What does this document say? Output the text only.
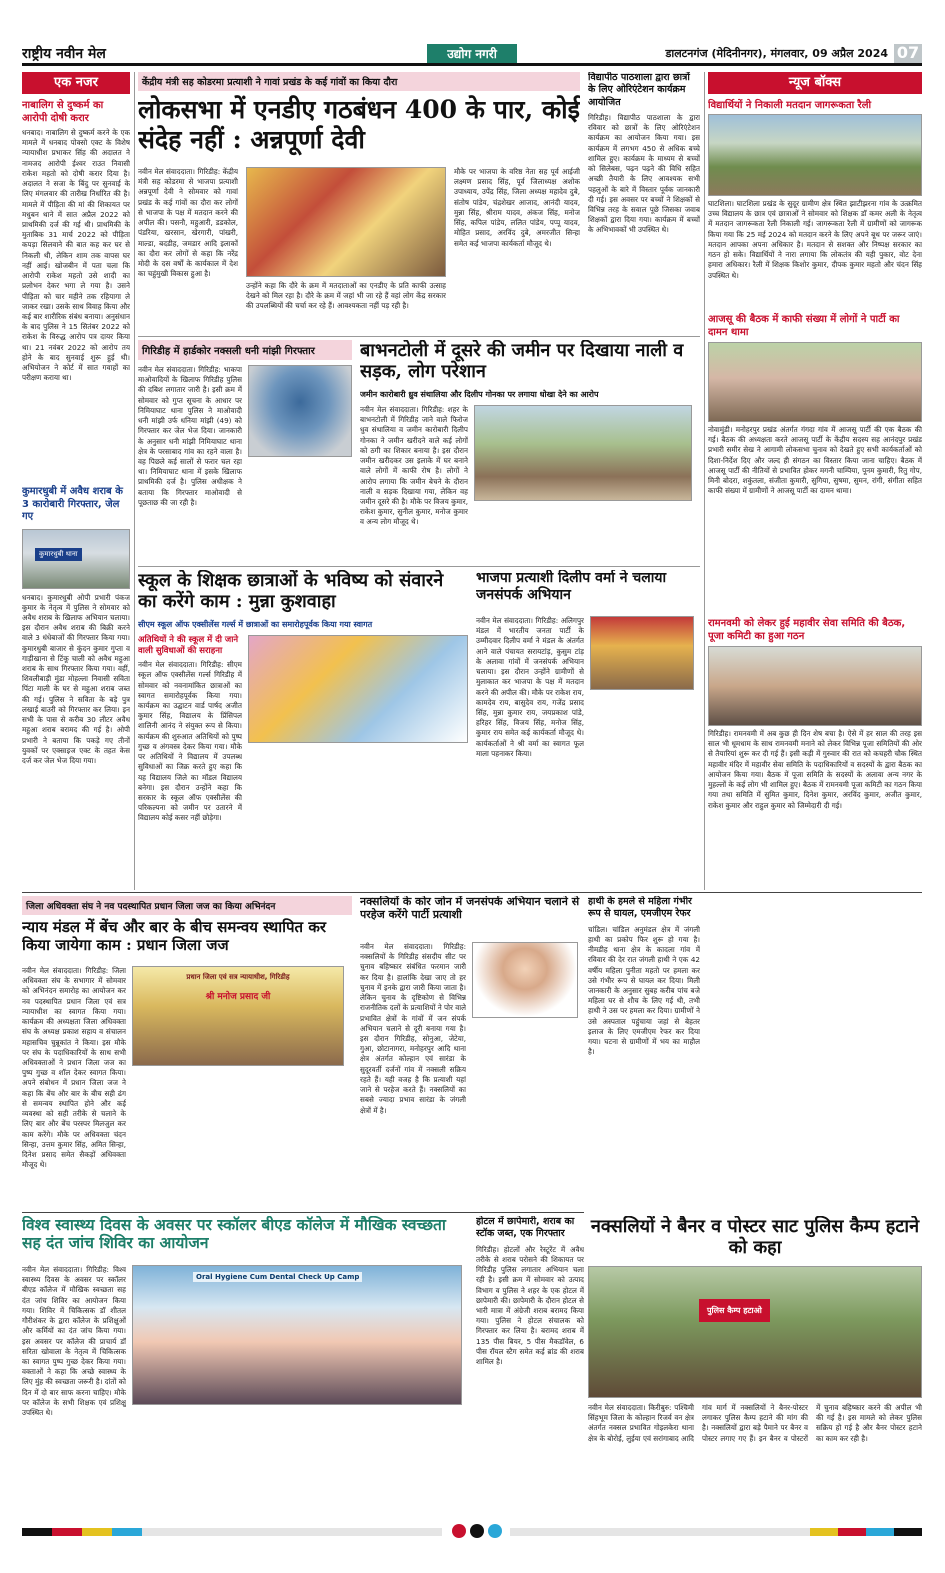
राष्ट्रीय नवीन मेल	उद्योग नगरी	डालटनगंज (मेदिनीनगर), मंगलवार, 09 अप्रैल 2024 07
एक नजर
नाबालिग से दुष्कर्म का आरोपी दोषी करार
धनबाद। नाबालिग से दुष्कर्म करने के एक मामले में धनबाद पोक्सो एक्ट के विशेष न्यायाधीश प्रभाकर सिंह की अदालत ने नामजद आरोपी ईश्वर राउत निवासी राकेश महतो को दोषी करार दिया है। अदालत ने सजा के बिंदु पर सुनवाई के लिए मंगलवार की तारीख निर्धारित की है। मामले में पीड़िता की मां की शिकायत पर मधुबन थाने में सात अप्रैल 2022 को प्राथमिकी दर्ज की गई थी। प्राथमिकी के मुताबिक 31 मार्च 2022 को पीड़िता कपड़ा सिलवाने की बात कह कर घर से निकली थी, लेकिन शाम तक वापस घर नहीं आई। खोजबीन में पता चला कि आरोपी राकेश महतो उसे शादी का प्रलोभन देकर भगा ले गया है। उसने पीड़िता को चार महीने तक रहियागा ले जाकर रखा। उसके साथ विवाह किया और कई बार शारीरिक संबंध बनाया। अनुसंधान के बाद पुलिस ने 15 सितंबर 2022 को राकेश के विरुद्ध आरोप पत्र दायर किया था। 21 नवंबर 2022 को आरोप तय होने के बाद सुनवाई शुरू हुई थी। अभियोजन ने कोर्ट में सात गवाहों का परीक्षण कराया था।
कुमारधुबी में अवैध शराब के 3 कारोबारी गिरफ्तार, जेल गए
कुमारधुबी थाना
धनबाद। कुमारधुबी ओपी प्रभारी पंकज कुमार के नेतृत्व में पुलिस ने सोमवार को अवैध शराब के खिलाफ अभियान चलाया। इस दौरान अवैध शराब की बिक्री करने वाले 3 धंधेबाजों की गिरफ्तार किया गया। कुमारधुबी बाजार से कुंदन कुमार गुप्ता व गाड़ीखाना से टिंकू चाली को अवैध महुआ शराब के साथ गिरफ्तार किया गया। वहीं, शिवलीबाड़ी मुंडा मोहल्ला निवासी सविता पिंटा माली के घर से महुआ शराब जब्त की गई। पुलिस ने सविता के बड़े पुत्र लखाई बाउरी को गिरफ्तार कर लिया। इन सभी के पास से करीब 30 लीटर अवैध महुआ शराब बरामद की गई है। ओपी प्रभारी ने बताया कि पकड़े गए तीनों युवकों पर एक्साइज एक्ट के तहत केस दर्ज कर जेल भेज दिया गया।
केंद्रीय मंत्री सह कोडरमा प्रत्याशी ने गावां प्रखंड के कई गांवों का किया दौरा
लोकसभा में एनडीए गठबंधन 400 के पार, कोई संदेह नहीं : अन्नपूर्णा देवी
नवीन मेल संवाददाता। गिरिडीह: केंद्रीय मंत्री सह कोडरमा से भाजपा प्रत्याशी अन्नपूर्णा देवी ने सोमवार को गावां प्रखंड के कई गांवों का दौरा कर लोगों से भाजपा के पक्ष में मतदान करने की अपील की। पसनौ, महुआरी, डडकोल, पंडरिया, खरसान, खेरगारी, पांखरी, माल्डा, बदडीह, जमडार आदि इलाकों का दौरा कर लोगों से कहा कि नरेंद्र मोदी के दस वर्षों के कार्यकाल में देश का चहुंमुखी विकास हुआ है।
उन्होंने कहा कि दौरे के क्रम में मतदाताओं का एनडीए के प्रति काफी उत्साह देखने को मिल रहा है। दौरे के क्रम में जहां भी जा रहे हैं वहां लोग केंद्र सरकार की उपलब्धियों की चर्चा कर रहे हैं। आवश्यकता नहीं पड़ रही है।
मौके पर भाजपा के वरिष्ठ नेता सह पूर्व आईजी लक्ष्मण प्रसाद सिंह, पूर्व जिलाध्यक्ष अशोक उपाध्याय, उपेंद्र सिंह, जिला अध्यक्ष महादेव दुबे, संतोष पांडेय, चंद्रशेखर आजाद, आनंदी यादव, मुन्ना सिंह, श्रीराम यादव, अंकज सिंह, मनोज सिंह, कपिल पांडेय, ललित पांडेय, पप्पू यादव, मोहित प्रसाद, अरविंद दुबे, अमरजीत सिन्हा समेत कई भाजपा कार्यकर्ता मौजूद थे।
विद्यापीठ पाठशाला द्वारा छात्रों के लिए ओरिएंटेशन कार्यक्रम आयोजित
गिरिडीह। विद्यापीठ पाठशाला के द्वारा रविवार को छात्रों के लिए ओरिएंटेशन कार्यक्रम का आयोजन किया गया। इस कार्यक्रम में लगभग 450 से अधिक बच्चे शामिल हुए। कार्यक्रम के माध्यम से बच्चों को सिलेबस, पढ़न पढ़ने की विधि सहित अच्छी तैयारी के लिए आवश्यक सभी पहलुओं के बारे में विस्तार पूर्वक जानकारी दी गई। इस अवसर पर बच्चों ने शिक्षकों से विभिन्न तरह के सवाल पूछे जिसका जवाब शिक्षकों द्वारा दिया गया। कार्यक्रम में बच्चों के अभिभावकों भी उपस्थित थे।
न्यूज बॉक्स
विद्यार्थियों ने निकाली मतदान जागरूकता रैली
घाटशिला। घाटशिला प्रखंड के सुदूर ग्रामीण क्षेत्र स्थित झाटीझरना गांव के उत्क्रमित उच्च विद्यालय के छात्र एवं छात्राओं ने सोमवार को शिक्षक डॉ कमर अली के नेतृत्व में मतदान जागरूकता रैली निकाली गई। जागरूकता रैली में ग्रामीणों को जागरूक किया गया कि 25 मई 2024 को मतदान करने के लिए अपने बूथ पर जरूर जाएं। मतदान आपका अपना अधिकार है। मतदान से सशक्त और निष्पक्ष सरकार का गठन हो सके। विद्यार्थियों ने नारा लगाया कि लोकतंत्र की यही पुकार, वोट देना हमारा अधिकार। रैली में शिक्षक किशोर कुमार, दीपक कुमार महतो और चंदन सिंह उपस्थित थे।
आजसू की बैठक में काफी संख्या में लोगों ने पार्टी का दामन थामा
नोवामुंडी। मनोहरपुर प्रखंड अंतर्गत गंगदा गांव में आजसू पार्टी की एक बैठक की गई। बैठक की अध्यक्षता करते आजसू पार्टी के केंद्रीय सदस्य सह आनंदपुर प्रखंड प्रभारी समीर सेख ने आगामी लोकसभा चुनाव को देखते हुए सभी कार्यकर्ताओं को दिशा-निर्देश दिए और जल्द ही संगठन का विस्तार किया जाना चाहिए। बैठक में आजसू पार्टी की नीतियों से प्रभावित होकर मगनी चाम्पिया, पूनम कुमारी, रितु गोप, मिनी बोदरा, शकुंतला, संजीता कुमारी, सुगिया, सुषमा, सुमन, रांगी, संगीता सहित काफी संख्या में ग्रामीणों ने आजसू पार्टी का दामन थामा।
रामनवमी को लेकर हुई महावीर सेवा समिति की बैठक, पूजा कमिटी का हुआ गठन
गिरिडीह। रामनवमी में अब कुछ ही दिन शेष बचा है। ऐसे में हर साल की तरह इस साल भी धूमधाम के साथ रामनवमी मनाने को लेकर विभिन्न पूजा समितियों की ओर से तैयारियां शुरू कर दी गई हैं। इसी कड़ी में गुरुवार की रात को कचहरी चौक स्थित महावीर मंदिर में महावीर सेवा समिति के पदाधिकारियों व सदस्यों के द्वारा बैठक का आयोजन किया गया। बैठक में पूजा समिति के सदस्यों के अलावा अन्य नगर के मुहल्लों के कई लोग भी शामिल हुए। बैठक में रामनवमी पूजा कमिटी का गठन किया गया तथा समिति में सुमित कुमार, दिनेश कुमार, अरविंद कुमार, अजीत कुमार, राकेश कुमार और राहुल कुमार को जिम्मेदारी दी गई।
गिरिडीह में हार्डकोर नक्सली धनी मांझी गिरफ्तार
नवीन मेल संवाददाता। गिरिडीह: भाकपा माओवादियों के खिलाफ गिरिडीह पुलिस की दबिश लगातार जारी है। इसी क्रम में सोमवार को गुप्त सूचना के आधार पर निमियाघाट थाना पुलिस ने माओवादी धनी मांझी उर्फ धनिया मांझी (49) को गिरफ्तार कर जेल भेज दिया। जानकारी के अनुसार धनी मांझी निमियाघाट थाना क्षेत्र के परसाबाद गांव का रहने वाला है। वह पिछले कई सालों से फरार चल रहा था। निमियाघाट थाना में इसके खिलाफ प्राथमिकी दर्ज है। पुलिस अधीक्षक ने बताया कि गिरफ्तार माओवादी से पूछताछ की जा रही है।
बाभनटोली में दूसरे की जमीन पर दिखाया नाली व सड़क, लोग परेशान
जमीन कारोबारी ध्रुव संथालिया और दिलीप गोनका पर लगाया धोखा देने का आरोप
नवीन मेल संवाददाता। गिरिडीह: शहर के बाभनटोली में गिरिडीह जाने वाले फिरोज धुव संथालिया व जमीन कारोबारी दिलीप गोनका ने जमीन खरीदने वाले कई लोगों को ठगी का शिकार बनाया है। इस दौरान जमीन खरीदकर उस इलाके में घर बनाने वाले लोगों में काफी रोष है। लोगों ने आरोप लगाया कि जमीन बेचने के दौरान नाली व सड़क दिखाया गया, लेकिन वह जमीन दूसरे की है। मौके पर विजय कुमार, राकेश कुमार, सुनील कुमार, मनोज कुमार व अन्य लोग मौजूद थे।
स्कूल के शिक्षक छात्राओं के भविष्य को संवारने का करेंगे काम : मुन्ना कुशवाहा
सीएम स्कूल ऑफ एक्सीलेंस गर्ल्स में छात्राओं का समारोहपूर्वक किया गया स्वागत
अतिथियों ने की स्कूल में दी जाने वाली सुविधाओं की सराहना
नवीन मेल संवाददाता। गिरिडीह: सीएम स्कूल ऑफ एक्सीलेंस गर्ल्स गिरिडीह में सोमवार को नवनामांकित छात्राओं का स्वागत समारोहपूर्वक किया गया। कार्यक्रम का उद्घाटन वार्ड पार्षद अजीत कुमार सिंह, विद्यालय के प्रिंसिपल शालिनी आनंद ने संयुक्त रूप से किया। कार्यक्रम की शुरुआत अतिथियों को पुष्प गुच्छ व अंगवस्त्र देकर किया गया। मौके पर अतिथियों ने विद्यालय में उपलब्ध सुविधाओं का जिक्र करते हुए कहा कि यह विद्यालय जिले का मॉडल विद्यालय बनेगा। इस दौरान उन्होंने कहा कि सरकार के स्कूल ऑफ एक्सीलेंस की परिकल्पना को जमीन पर उतारने में विद्यालय कोई कसर नहीं छोड़ेगा।
भाजपा प्रत्याशी दिलीप वर्मा ने चलाया जनसंपर्क अभियान
नवीन मेल संवाददाता। गिरिडीह: अलिगपुर मंडल में भारतीय जनता पार्टी के उम्मीदवार दिलीप वर्मा ने मंडल के अंतर्गत आने वाले पंचायत सरायटांड़, कुसुम टांड़ के अलावा गांवों में जनसंपर्क अभियान चलाया। इस दौरान उन्होंने ग्रामीणों से मुलाकात कर भाजपा के पक्ष में मतदान करने की अपील की। मौके पर राकेश राय, कामदेव राय, बासुदेव राय, गजेंद्र प्रसाद सिंह, मुन्ना कुमार राय, जयप्रकाश पांडे, हरिहर सिंह, विजय सिंह, मनोज सिंह, कुमार राय समेत कई कार्यकर्ता मौजूद थे। कार्यकर्ताओं ने श्री वर्मा का स्वागत फूल माला पहनाकर किया।
जिला अधिवक्ता संघ ने नव पदस्थापित प्रधान जिला जज का किया अभिनंदन
न्याय मंडल में बेंच और बार के बीच समन्वय स्थापित कर किया जायेगा काम : प्रधान जिला जज
नवीन मेल संवाददाता। गिरिडीह: जिला अधिवक्ता संघ के सभागार में सोमवार को अभिनंदन समारोह का आयोजन कर नव पदस्थापित प्रधान जिला एवं सत्र न्यायाधीश का स्वागत किया गया। कार्यक्रम की अध्यक्षता जिला अधिवक्ता संघ के अध्यक्ष प्रकाश सहाय व संचालन महासचिव चुन्नूकांत ने किया। इस मौके पर संघ के पदाधिकारियों के साथ सभी अधिवक्ताओं ने प्रधान जिला जज का पुष्प गुच्छ व शॉल देकर स्वागत किया। अपने संबोधन में प्रधान जिला जज ने कहा कि बेंच और बार के बीच सही ढंग से समन्वय स्थापित होने और कई व्यवस्था को सही तरीके से चलाने के लिए बार और बेंच परस्पर मिलजुल कर काम करेंगे। मौके पर अधिवक्ता चंदन सिन्हा, उत्तम कुमार सिंह, अमित सिन्हा, दिनेश प्रसाद समेत सैकड़ों अधिवक्ता मौजूद थे।
प्रधान जिला एवं सत्र न्यायाधीश, गिरिडीह
श्री मनोज प्रसाद जी
नक्सलियों के कोर जोन में जनसंपर्क अभियान चलाने से परहेज करेंगे पार्टी प्रत्याशी
नवीन मेल संवाददाता। गिरिडीह: नक्सलियों के गिरिडीह संसदीय सीट पर चुनाव बहिष्कार संबंधित फरमान जारी कर दिया है। हालांकि देखा जाए तो हर चुनाव में इनके द्वारा जारी किया जाता है। लेकिन चुनाव के दृष्टिकोण से विभिन्न राजनीतिक दलों के प्रत्याशियों ने पोर वाले प्रभावित क्षेत्रों के गांवों में जन संपर्क अभियान चलाने से दूरी बनाया गया है। इस दौरान गिरिडीह, सोनुआ, जेटेया, गुआ, छोटानागरा, मनोहरपुर आदि थाना क्षेत्र अंतर्गत कोल्हान एवं सारंडा के सुदूरवर्ती दर्जनों गांव में नक्सली सक्रिय रहते हैं। यही वजह है कि प्रत्याशी यहां जाने से परहेज करते हैं। नक्सलियों का सबसे ज्यादा प्रभाव सारंडा के जंगली क्षेत्रों में है।
हाथी के हमले से महिला गंभीर रूप से घायल, एमजीएम रेफर
चांडिल। चांडिल अनुमंडल क्षेत्र में जंगली हाथी का प्रकोप फिर शुरू हो गया है। नीमडीह थाना क्षेत्र के कादला गांव में रविवार की देर रात जंगली हाथी ने एक 42 वर्षीय महिला पुनीता महतो पर हमला कर उसे गंभीर रूप से घायल कर दिया। मिली जानकारी के अनुसार सुबह करीब पांच बजे महिला घर से शौच के लिए गई थी, तभी हाथी ने उस पर हमला कर दिया। ग्रामीणों ने उसे अस्पताल पहुंचाया जहां से बेहतर इलाज के लिए एमजीएम रेफर कर दिया गया। घटना से ग्रामीणों में भय का माहौल है।
विश्व स्वास्थ्य दिवस के अवसर पर स्कॉलर बीएड कॉलेज में मौखिक स्वच्छता सह दंत जांच शिविर का आयोजन
नवीन मेल संवाददाता। गिरिडीह: विश्व स्वास्थ्य दिवस के अवसर पर स्कॉलर बीएड कॉलेज में मौखिक स्वच्छता सह दंत जांच शिविर का आयोजन किया गया। शिविर में चिकित्सक डॉ शीतल गौरीशंकर के द्वारा कॉलेज के प्रशिक्षुओं और कर्मियों का दंत जांच किया गया। इस अवसर पर कॉलेज की प्राचार्य डॉ सरिता खोवाला के नेतृत्व में चिकित्सक का स्वागत पुष्प गुच्छ देकर किया गया। वक्ताओं ने कहा कि अच्छे स्वास्थ्य के लिए मुंह की स्वच्छता जरूरी है। दांतों को दिन में दो बार साफ करना चाहिए। मौके पर कॉलेज के सभी शिक्षक एवं प्रशिक्षु उपस्थित थे।
Oral Hygiene Cum Dental Check Up Camp
होटल में छापेमारी, शराब का स्टॉक जब्त, एक गिरफ्तार
गिरिडीह। होटलों और रेस्टूरेंट में अवैध तरीके से शराब परोसने की शिकायत पर गिरिडीह पुलिस लगातार अभियान चला रही है। इसी क्रम में सोमवार को उत्पाद विभाग व पुलिस ने शहर के एक होटल में छापेमारी की। छापेमारी के दौरान होटल से भारी मात्रा में अंग्रेजी शराब बरामद किया गया। पुलिस ने होटल संचालक को गिरफ्तार कर लिया है। बरामद शराब में 135 पीस बियर, 5 पीस मैकडॉवेल, 6 पीस रॉयल स्टैग समेत कई ब्रांड की शराब शामिल है।
नक्सलियों ने बैनर व पोस्टर साट पुलिस कैम्प हटाने को कहा
पुलिस कैम्प हटाओ
नवीन मेल संवाददाता। किरीबुरु: पश्चिमी सिंहभूम जिला के कोल्हान रिजर्व वन क्षेत्र अंतर्गत नक्सल प्रभावित गोइलकेरा थाना क्षेत्र के बोरोई, लुईया एवं सरांगाबाद आदि गांव मार्ग में नक्सलियों ने बैनर-पोस्टर लगाकर पुलिस कैम्प हटाने की मांग की है। नक्सलियों द्वारा बड़े पैमाने पर बैनर व पोस्टर लगाए गए हैं। इन बैनर व पोस्टरों में चुनाव बहिष्कार करने की अपील भी की गई है। इस मामले को लेकर पुलिस सक्रिय हो गई है और बैनर पोस्टर हटाने का काम कर रही है।
